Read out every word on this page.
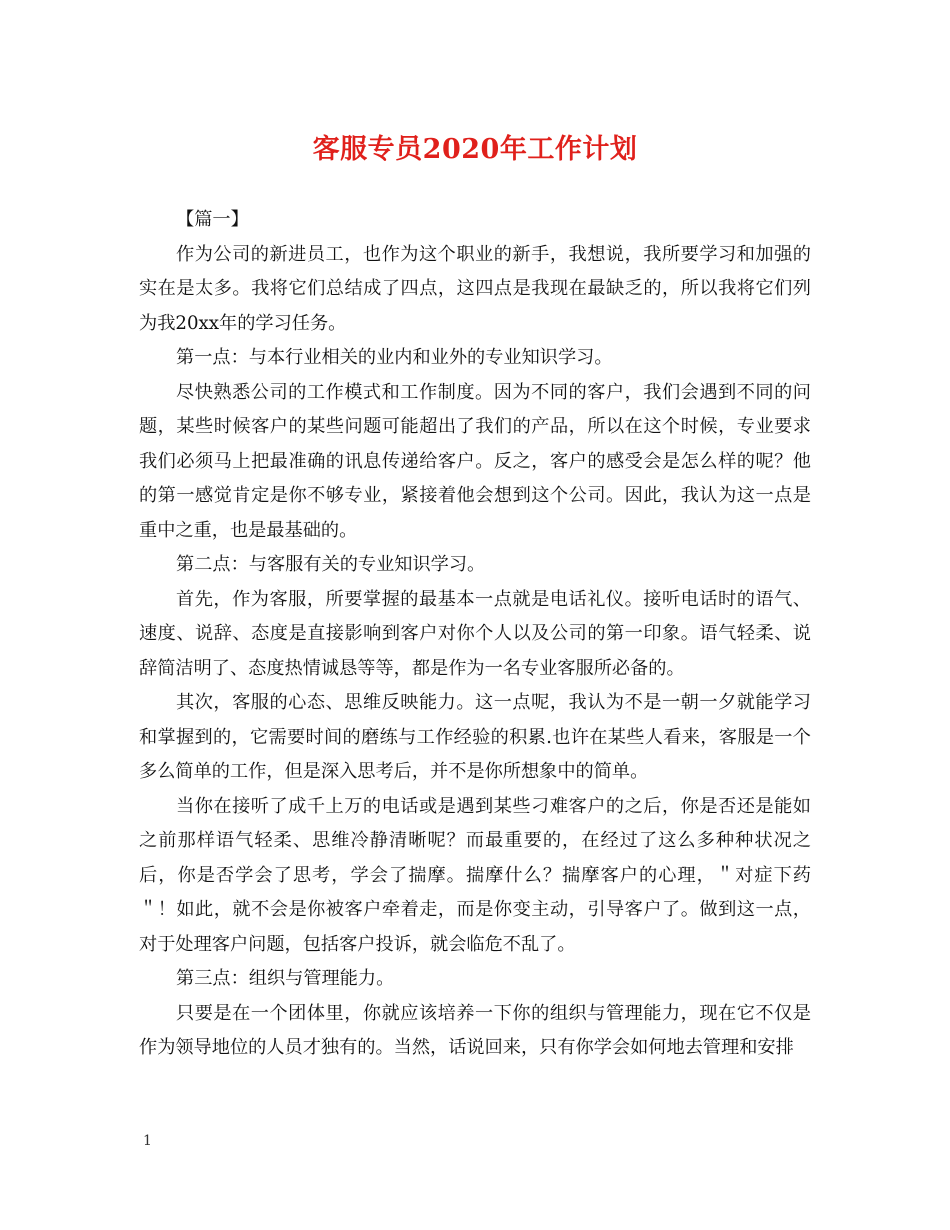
客服专员2020年工作计划

【篇一】

作为公司的新进员工，也作为这个职业的新手，我想说，我所要学习和加强的实在是太多。我将它们总结成了四点，这四点是我现在最缺乏的，所以我将它们列为我20xx年的学习任务。

第一点：与本行业相关的业内和业外的专业知识学习。

尽快熟悉公司的工作模式和工作制度。因为不同的客户，我们会遇到不同的问题，某些时候客户的某些问题可能超出了我们的产品，所以在这个时候，专业要求我们必须马上把最准确的讯息传递给客户。反之，客户的感受会是怎么样的呢？他的第一感觉肯定是你不够专业，紧接着他会想到这个公司。因此，我认为这一点是重中之重，也是最基础的。

第二点：与客服有关的专业知识学习。

首先，作为客服，所要掌握的最基本一点就是电话礼仪。接听电话时的语气、速度、说辞、态度是直接影响到客户对你个人以及公司的第一印象。语气轻柔、说辞简洁明了、态度热情诚恳等等，都是作为一名专业客服所必备的。

其次，客服的心态、思维反映能力。这一点呢，我认为不是一朝一夕就能学习和掌握到的，它需要时间的磨练与工作经验的积累.也许在某些人看来，客服是一个多么简单的工作，但是深入思考后，并不是你所想象中的简单。

当你在接听了成千上万的电话或是遇到某些刁难客户的之后，你是否还是能如之前那样语气轻柔、思维冷静清晰呢？而最重要的，在经过了这么多种种状况之后，你是否学会了思考，学会了揣摩。揣摩什么？揣摩客户的心理，＂对症下药＂！如此，就不会是你被客户牵着走，而是你变主动，引导客户了。做到这一点，对于处理客户问题，包括客户投诉，就会临危不乱了。

第三点：组织与管理能力。

只要是在一个团体里，你就应该培养一下你的组织与管理能力，现在它不仅是作为领导地位的人员才独有的。当然，话说回来，只有你学会如何地去管理和安排

1
